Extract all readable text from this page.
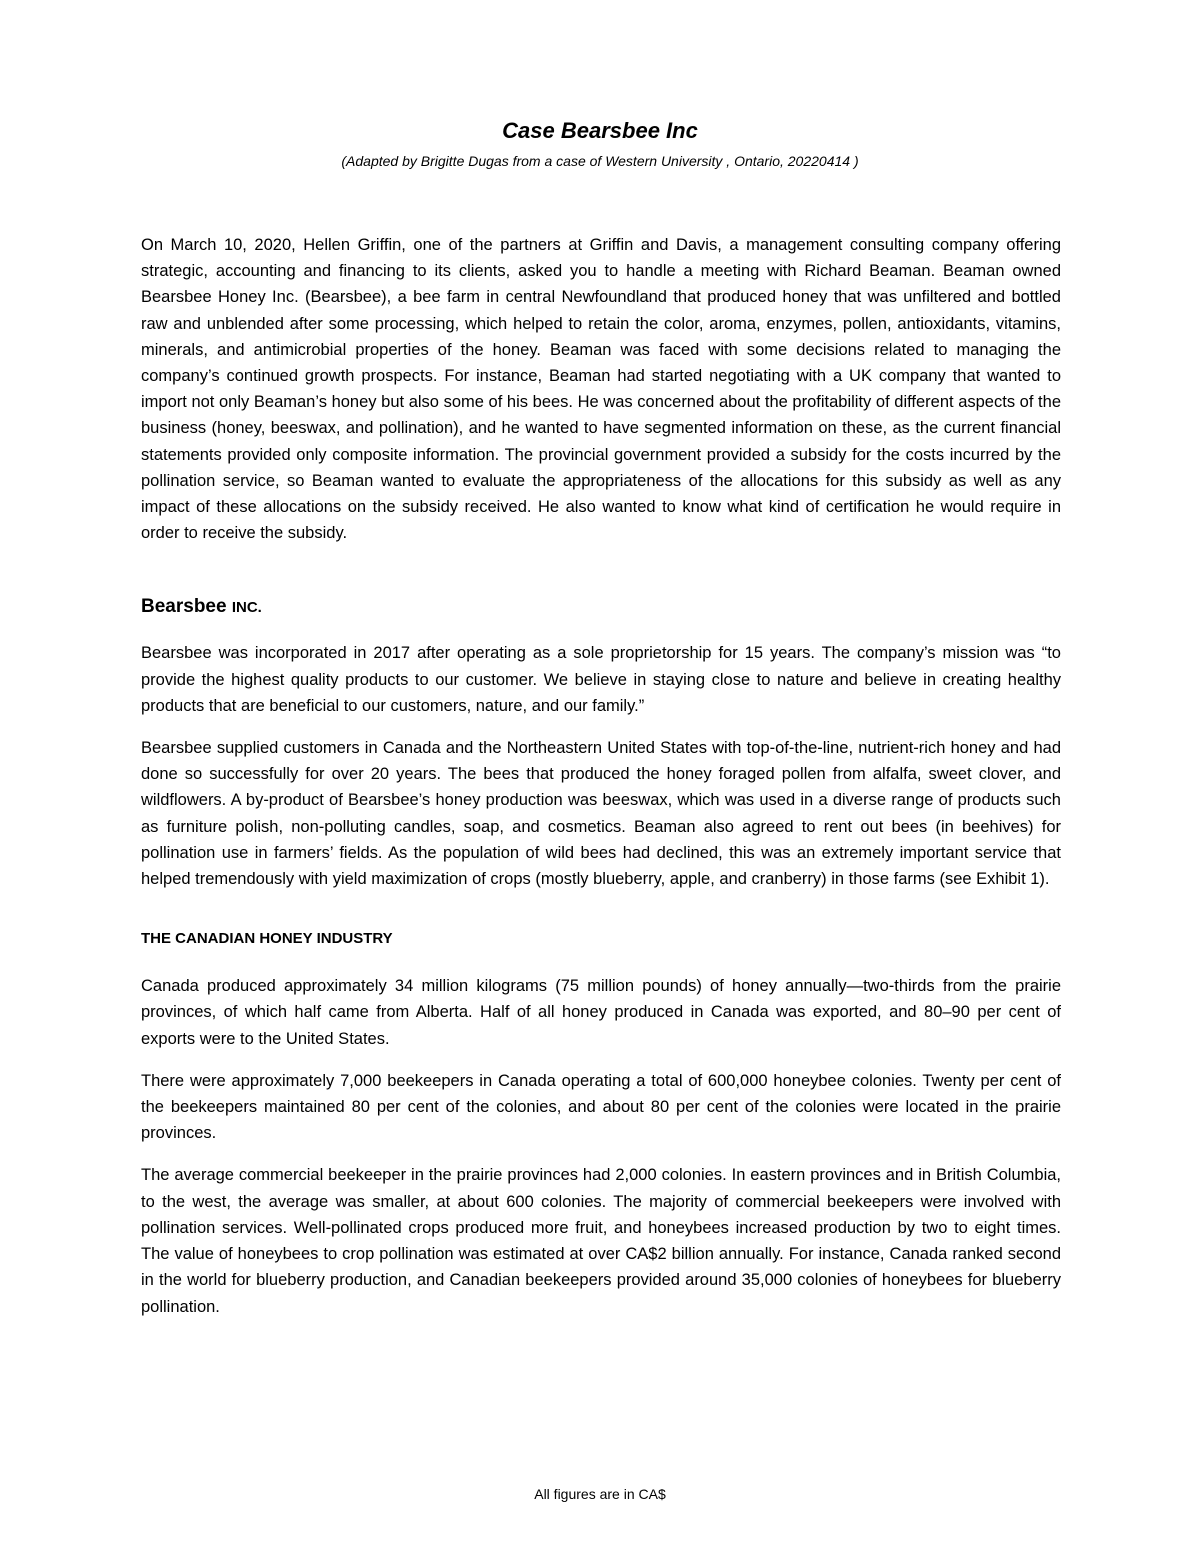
Case Bearsbee Inc

(Adapted by Brigitte Dugas from a case of Western University , Ontario, 20220414 )

On March 10, 2020, Hellen Griffin, one of the partners at Griffin and Davis, a management consulting company offering strategic, accounting and financing to its clients, asked you to handle a meeting with Richard Beaman. Beaman owned Bearsbee Honey Inc. (Bearsbee), a bee farm in central Newfoundland that produced honey that was unfiltered and bottled raw and unblended after some processing, which helped to retain the color, aroma, enzymes, pollen, antioxidants, vitamins, minerals, and antimicrobial properties of the honey. Beaman was faced with some decisions related to managing the company’s continued growth prospects. For instance, Beaman had started negotiating with a UK company that wanted to import not only Beaman’s honey but also some of his bees. He was concerned about the profitability of different aspects of the business (honey, beeswax, and pollination), and he wanted to have segmented information on these, as the current financial statements provided only composite information. The provincial government provided a subsidy for the costs incurred by the pollination service, so Beaman wanted to evaluate the appropriateness of the allocations for this subsidy as well as any impact of these allocations on the subsidy received. He also wanted to know what kind of certification he would require in order to receive the subsidy.

Bearsbee INC.

Bearsbee was incorporated in 2017 after operating as a sole proprietorship for 15 years. The company’s mission was “to provide the highest quality products to our customer. We believe in staying close to nature and believe in creating healthy products that are beneficial to our customers, nature, and our family.”

Bearsbee supplied customers in Canada and the Northeastern United States with top-of-the-line, nutrient-rich honey and had done so successfully for over 20 years. The bees that produced the honey foraged pollen from alfalfa, sweet clover, and wildflowers. A by-product of Bearsbee’s honey production was beeswax, which was used in a diverse range of products such as furniture polish, non-polluting candles, soap, and cosmetics. Beaman also agreed to rent out bees (in beehives) for pollination use in farmers’ fields. As the population of wild bees had declined, this was an extremely important service that helped tremendously with yield maximization of crops (mostly blueberry, apple, and cranberry) in those farms (see Exhibit 1).

THE CANADIAN HONEY INDUSTRY

Canada produced approximately 34 million kilograms (75 million pounds) of honey annually—two-thirds from the prairie provinces, of which half came from Alberta. Half of all honey produced in Canada was exported, and 80–90 per cent of exports were to the United States.

There were approximately 7,000 beekeepers in Canada operating a total of 600,000 honeybee colonies. Twenty per cent of the beekeepers maintained 80 per cent of the colonies, and about 80 per cent of the colonies were located in the prairie provinces.

The average commercial beekeeper in the prairie provinces had 2,000 colonies. In eastern provinces and in British Columbia, to the west, the average was smaller, at about 600 colonies. The majority of commercial beekeepers were involved with pollination services. Well-pollinated crops produced more fruit, and honeybees increased production by two to eight times. The value of honeybees to crop pollination was estimated at over CA$2 billion annually. For instance, Canada ranked second in the world for blueberry production, and Canadian beekeepers provided around 35,000 colonies of honeybees for blueberry pollination.

All figures are in CA$
